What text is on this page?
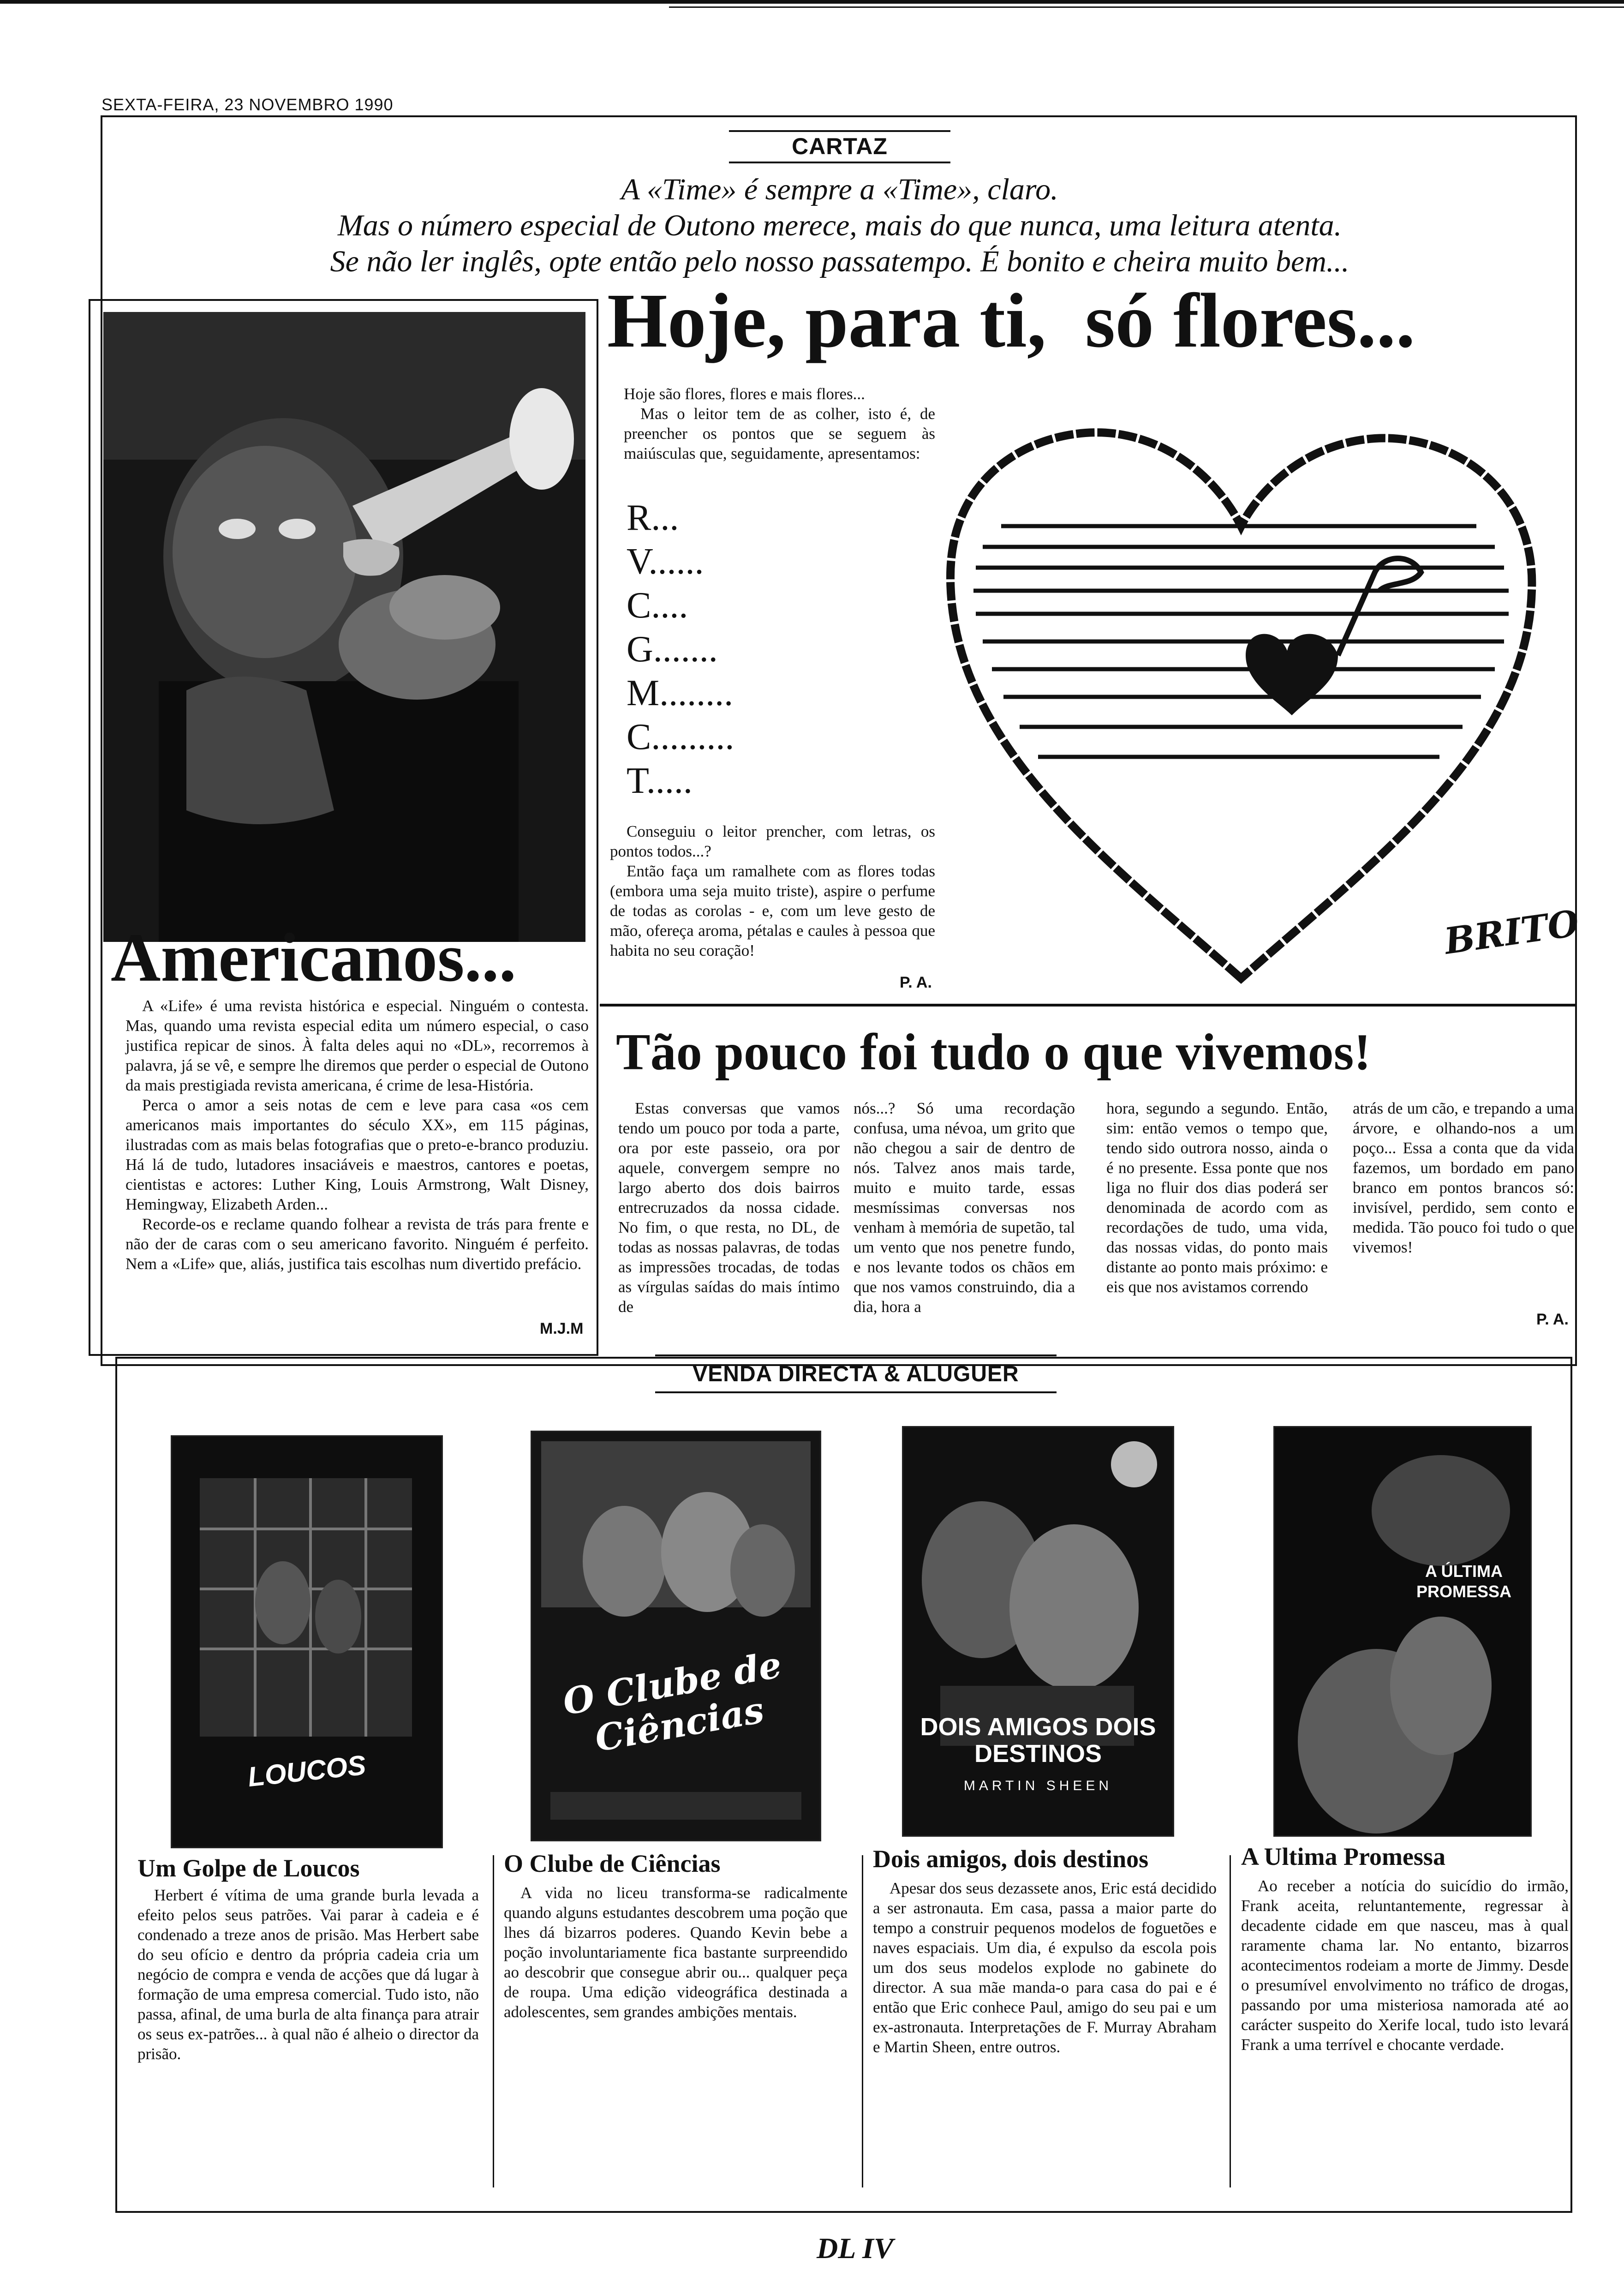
SEXTA-FEIRA, 23 NOVEMBRO 1990
CARTAZ
A «Time» é sempre a «Time», claro.
Mas o número especial de Outono merece, mais do que nunca, uma leitura atenta.
Se não ler inglês, opte então pelo nosso passatempo. É bonito e cheira muito bem...
Americanos...

A «Life» é uma revista histórica e especial. Ninguém o contesta. Mas, quando uma revista especial edita um número especial, o caso justifica repicar de sinos. À falta deles aqui no «DL», recorremos à palavra, já se vê, e sempre lhe diremos que perder o especial de Outono da mais prestigiada revista americana, é crime de lesa-História.

Perca o amor a seis notas de cem e leve para casa «os cem americanos mais importantes do século XX», em 115 páginas, ilustradas com as mais belas fotografias que o preto-e-branco produziu. Há lá de tudo, lutadores insaciáveis e maestros, cantores e poetas, cientistas e actores: Luther King, Louis Armstrong, Walt Disney, Hemingway, Elizabeth Arden...

Recorde-os e reclame quando folhear a revista de trás para frente e não der de caras com o seu americano favorito. Ninguém é perfeito. Nem a «Life» que, aliás, justifica tais escolhas num divertido prefácio.

M.J.M
Hoje, para ti,  só flores...
Hoje são flores, flores e mais flores...

Mas o leitor tem de as colher, isto é, de preencher os pontos que se seguem às maiúsculas que, seguidamente, apresentamos:

R...
V......
C....
G.......
M........
C.........
T.....

Conseguiu o leitor prencher, com letras, os pontos todos...?

Então faça um ramalhete com as flores todas (embora uma seja muito triste), aspire o perfume de todas as corolas - e, com um leve gesto de mão, ofereça aroma, pétalas e caules à pessoa que habita no seu coração!

P. A.
BRITO
Tão pouco foi tudo o que vivemos!
Estas conversas que vamos tendo um pouco por toda a parte, ora por este passeio, ora por aquele, convergem sempre no largo aberto dos dois bairros entrecruzados da nossa cidade. No fim, o que resta, no DL, de todas as nossas palavras, de todas as impressões trocadas, de todas as vírgulas saídas do mais íntimo de
nós...? Só uma recordação confusa, uma névoa, um grito que não chegou a sair de dentro de nós. Talvez anos mais tarde, muito e muito tarde, essas mesmíssimas conversas nos venham à memória de supetão, tal um vento que nos penetre fundo, e nos levante todos os chãos em que nos vamos construindo, dia a dia, hora a
hora, segundo a segundo. Então, sim: então vemos o tempo que, tendo sido outrora nosso, ainda o é no presente. Essa ponte que nos liga no fluir dos dias poderá ser denominada de acordo com as recordações de tudo, uma vida, das nossas vidas, do ponto mais distante ao ponto mais próximo: e eis que nos avistamos correndo
atrás de um cão, e trepando a uma árvore, e olhando-nos a um poço... Essa a conta que da vida fazemos, um bordado em pano branco em pontos brancos só: invisível, perdido, sem conto e medida. Tão pouco foi tudo o que vivemos!
P. A.
VENDA DIRECTA & ALUGUER
LOUCOS
Um Golpe de Loucos
Herbert é vítima de uma grande burla levada a efeito pelos seus patrões. Vai parar à cadeia e é condenado a treze anos de prisão. Mas Herbert sabe do seu ofício e dentro da própria cadeia cria um negócio de compra e venda de acções que dá lugar à formação de uma empresa comercial. Tudo isto, não passa, afinal, de uma burla de alta finança para atrair os seus ex-patrões... à qual não é alheio o director da prisão.
O Clube de Ciências
O Clube de Ciências
A vida no liceu transforma-se radicalmente quando alguns estudantes descobrem uma poção que lhes dá bizarros poderes. Quando Kevin bebe a poção involuntariamente fica bastante surpreendido ao descobrir que consegue abrir ou... qualquer peça de roupa. Uma edição videográfica destinada a adolescentes, sem grandes ambições mentais.
DOIS AMIGOS DOIS DESTINOS
MARTIN SHEEN
Dois amigos, dois destinos
Apesar dos seus dezassete anos, Eric está decidido a ser astronauta. Em casa, passa a maior parte do tempo a construir pequenos modelos de foguetões e naves espaciais. Um dia, é expulso da escola pois um dos seus modelos explode no gabinete do director. A sua mãe manda-o para casa do pai e é então que Eric conhece Paul, amigo do seu pai e um ex-astronauta. Interpretações de F. Murray Abraham e Martin Sheen, entre outros.
A ÚLTIMA PROMESSA
A Ultima Promessa
Ao receber a notícia do suicídio do irmão, Frank aceita, reluntantemente, regressar à decadente cidade em que nasceu, mas à qual raramente chama lar. No entanto, bizarros acontecimentos rodeiam a morte de Jimmy. Desde o presumível envolvimento no tráfico de drogas, passando por uma misteriosa namorada até ao carácter suspeito do Xerife local, tudo isto levará Frank a uma terrível e chocante verdade.
DL IV
